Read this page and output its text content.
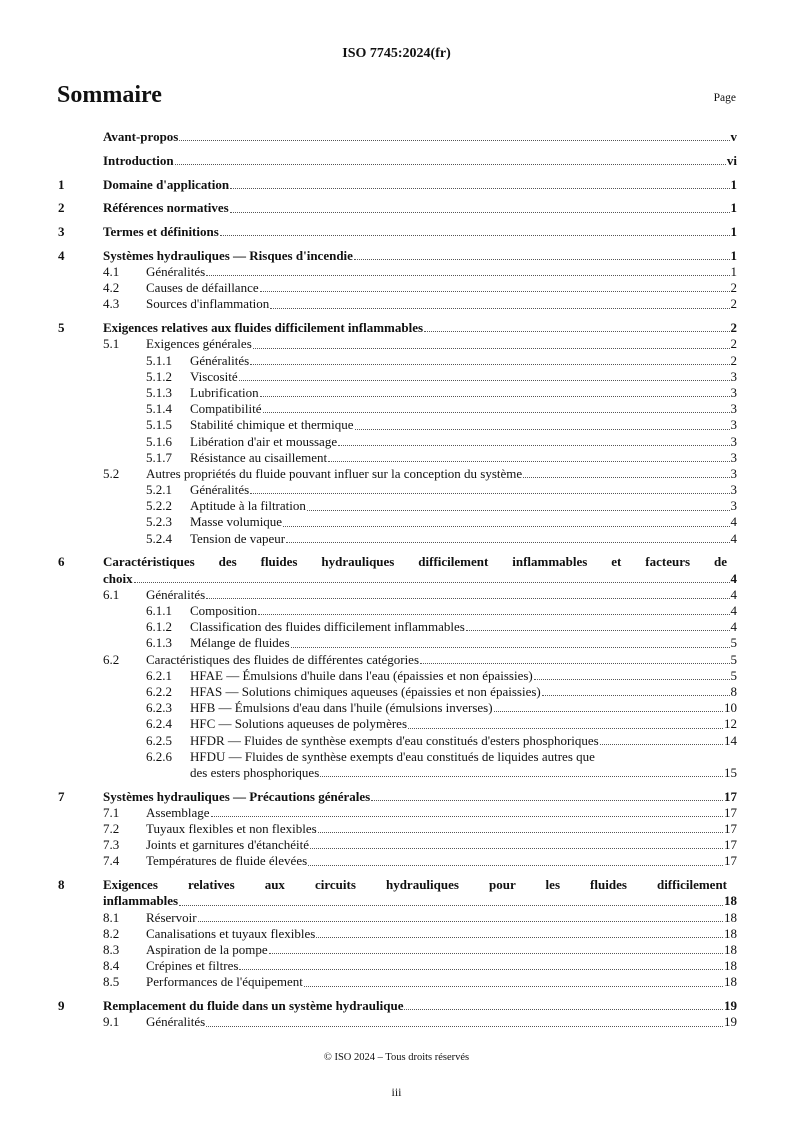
ISO 7745:2024(fr)
Sommaire	Page
Avant-propos	v
Introduction	vi
1	Domaine d'application	1
2	Références normatives	1
3	Termes et définitions	1
4	Systèmes hydrauliques — Risques d'incendie	1
4.1	Généralités	1
4.2	Causes de défaillance	2
4.3	Sources d'inflammation	2
5	Exigences relatives aux fluides difficilement inflammables	2
5.1	Exigences générales	2
5.1.1	Généralités	2
5.1.2	Viscosité	3
5.1.3	Lubrification	3
5.1.4	Compatibilité	3
5.1.5	Stabilité chimique et thermique	3
5.1.6	Libération d'air et moussage	3
5.1.7	Résistance au cisaillement	3
5.2	Autres propriétés du fluide pouvant influer sur la conception du système	3
5.2.1	Généralités	3
5.2.2	Aptitude à la filtration	3
5.2.3	Masse volumique	4
5.2.4	Tension de vapeur	4
6	Caractéristiques des fluides hydrauliques difficilement inflammables et facteurs de
choix	4
6.1	Généralités	4
6.1.1	Composition	4
6.1.2	Classification des fluides difficilement inflammables	4
6.1.3	Mélange de fluides	5
6.2	Caractéristiques des fluides de différentes catégories	5
6.2.1	HFAE — Émulsions d'huile dans l'eau (épaissies et non épaissies)	5
6.2.2	HFAS — Solutions chimiques aqueuses (épaissies et non épaissies)	8
6.2.3	HFB — Émulsions d'eau dans l'huile (émulsions inverses)	10
6.2.4	HFC — Solutions aqueuses de polymères	12
6.2.5	HFDR — Fluides de synthèse exempts d'eau constitués d'esters phosphoriques	14
6.2.6	HFDU — Fluides de synthèse exempts d'eau constitués de liquides autres que
des esters phosphoriques	15
7	Systèmes hydrauliques — Précautions générales	17
7.1	Assemblage	17
7.2	Tuyaux flexibles et non flexibles	17
7.3	Joints et garnitures d'étanchéité	17
7.4	Températures de fluide élevées	17
8	Exigences relatives aux circuits hydrauliques pour les fluides difficilement
inflammables	18
8.1	Réservoir	18
8.2	Canalisations et tuyaux flexibles	18
8.3	Aspiration de la pompe	18
8.4	Crépines et filtres	18
8.5	Performances de l'équipement	18
9	Remplacement du fluide dans un système hydraulique	19
9.1	Généralités	19
© ISO 2024 – Tous droits réservés
iii
